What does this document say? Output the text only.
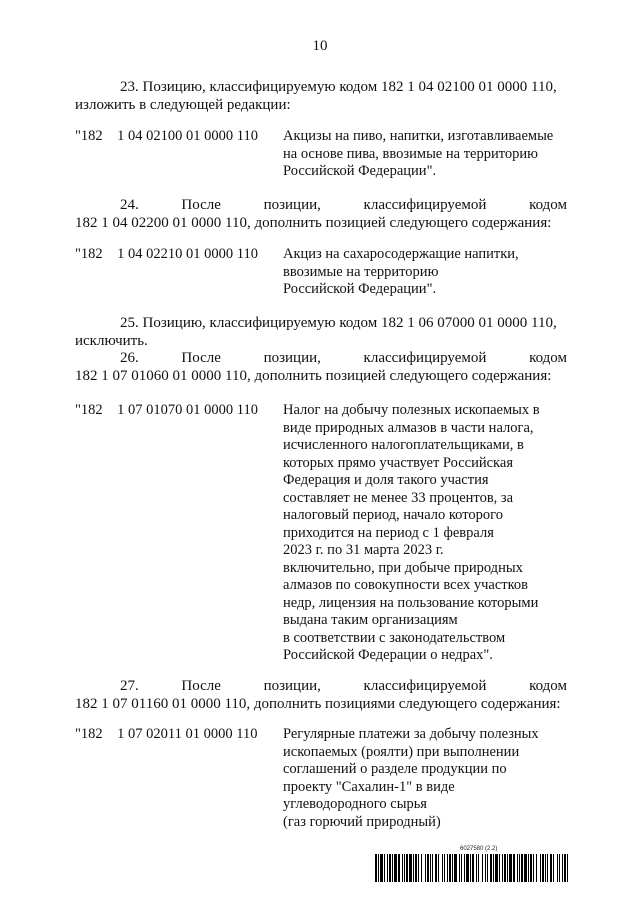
10
23. Позицию, классифицируемую кодом 182 1 04 02100 01 0000 110,
изложить в следующей редакции:
"182    1 04 02100 01 0000 110 Акцизы на пиво, напитки, изготавливаемые
на основе пива, ввозимые на территорию
Российской Федерации".
24. После позиции, классифицируемой кодом
182 1 04 02200 01 0000 110, дополнить позицией следующего содержания:
"182    1 04 02210 01 0000 110 Акциз на сахаросодержащие напитки,
ввозимые на территорию
Российской Федерации".
25. Позицию, классифицируемую кодом 182 1 06 07000 01 0000 110,
исключить.
26. После позиции, классифицируемой кодом
182 1 07 01060 01 0000 110, дополнить позицией следующего содержания:
"182    1 07 01070 01 0000 110 Налог на добычу полезных ископаемых в
виде природных алмазов в части налога,
исчисленного налогоплательщиками, в
которых прямо участвует Российская
Федерация и доля такого участия
составляет не менее 33 процентов, за
налоговый период, начало которого
приходится на период с 1 февраля
2023 г. по 31 марта 2023 г.
включительно, при добыче природных
алмазов по совокупности всех участков
недр, лицензия на пользование которыми
выдана таким организациям
в соответствии с законодательством
Российской Федерации о недрах".
27. После позиции, классифицируемой кодом
182 1 07 01160 01 0000 110, дополнить позициями следующего содержания:
"182    1 07 02011 01 0000 110 Регулярные платежи за добычу полезных
ископаемых (роялти) при выполнении
соглашений о разделе продукции по
проекту "Сахалин-1" в виде
углеводородного сырья
(газ горючий природный)
6027580 (2.2)
